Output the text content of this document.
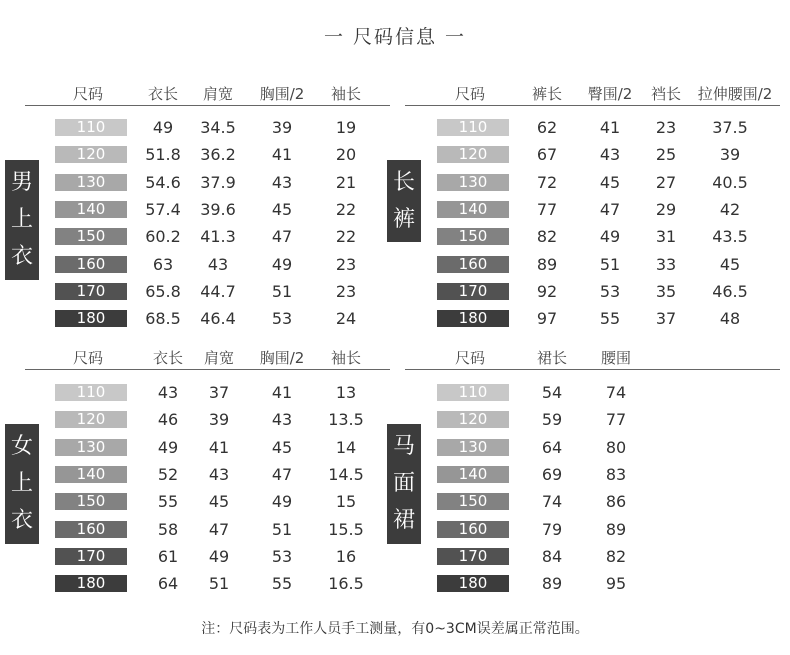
一 尺码信息 一
尺码	衣长 肩宽 胸围/2 袖长
男
上
衣
110	49 34.5 39	19
120	51.8 36.2 41	20
130	54.6 37.9 43	21
140	57.4 39.6 45	22
150	60.2 41.3 47	22
160	63 43	49	23
170	65.8 44.7 51	23
180	68.5 46.4 53	24
尺码	裤长 臀围/2 裆长 拉伸腰围/2
长
裤
110	62	41 23 37.5
120	67	43 25	39
130	72	45 27 40.5
140	77	47 29	42
150	82	49 31 43.5
160	89	51 33	45
170	92	53 35 46.5
180	97	55 37	48
尺码	衣长 肩宽 胸围/2 袖长
女
上
衣
110	43 37	41	13
120	46 39	43 13.5
130	49 41	45	14
140	52 43	47 14.5
150	55 45	49	15
160	58 47	51 15.5
170	61 49	53	16
180	64 51	55 16.5
尺码	裙长 腰围
马
面
裙
110	54	74
120	59	77
130	64	80
140	69	83
150	74	86
160	79	89
170	84	82
180	89	95
注：尺码表为工作人员手工测量，有0~3CM误差属正常范围。
